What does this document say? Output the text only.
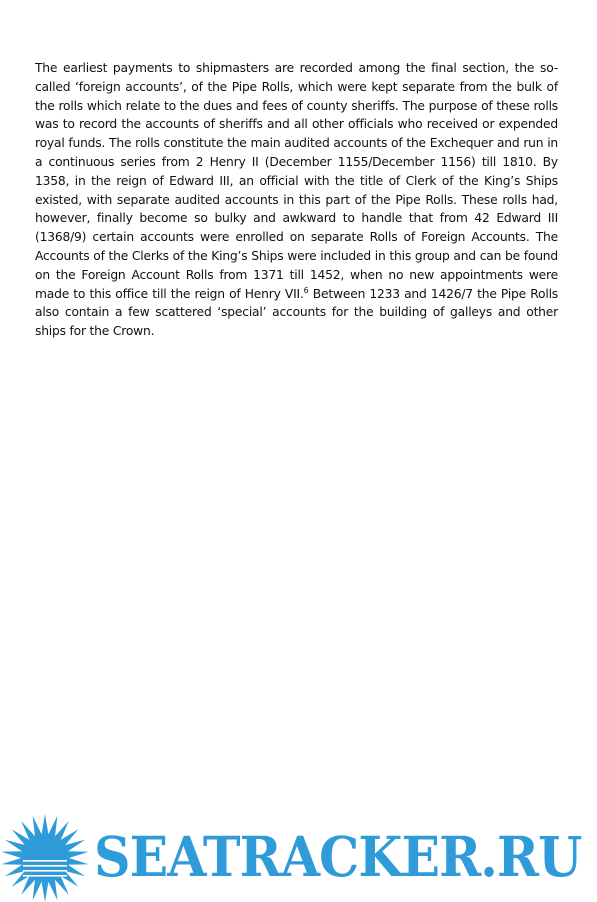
The earliest payments to shipmasters are recorded among the final section, the so-called ‘foreign accounts’, of the Pipe Rolls, which were kept separate from the bulk of the rolls which relate to the dues and fees of county sheriffs. The purpose of these rolls was to record the accounts of sheriffs and all other officials who received or expended royal funds. The rolls constitute the main audited accounts of the Exchequer and run in a continuous series from 2 Henry II (December 1155/December 1156) till 1810. By 1358, in the reign of Edward III, an official with the title of Clerk of the King’s Ships existed, with separate audited accounts in this part of the Pipe Rolls. These rolls had, however, finally become so bulky and awkward to handle that from 42 Edward III (1368/9) certain accounts were enrolled on separate Rolls of Foreign Accounts. The Accounts of the Clerks of the King’s Ships were included in this group and can be found on the Foreign Account Rolls from 1371 till 1452, when no new appointments were made to this office till the reign of Henry VII.$^6$ Between 1233 and 1426/7 the Pipe Rolls also contain a few scattered ‘special’ accounts for the building of galleys and other ships for the Crown.

SEATRACKER.RU
